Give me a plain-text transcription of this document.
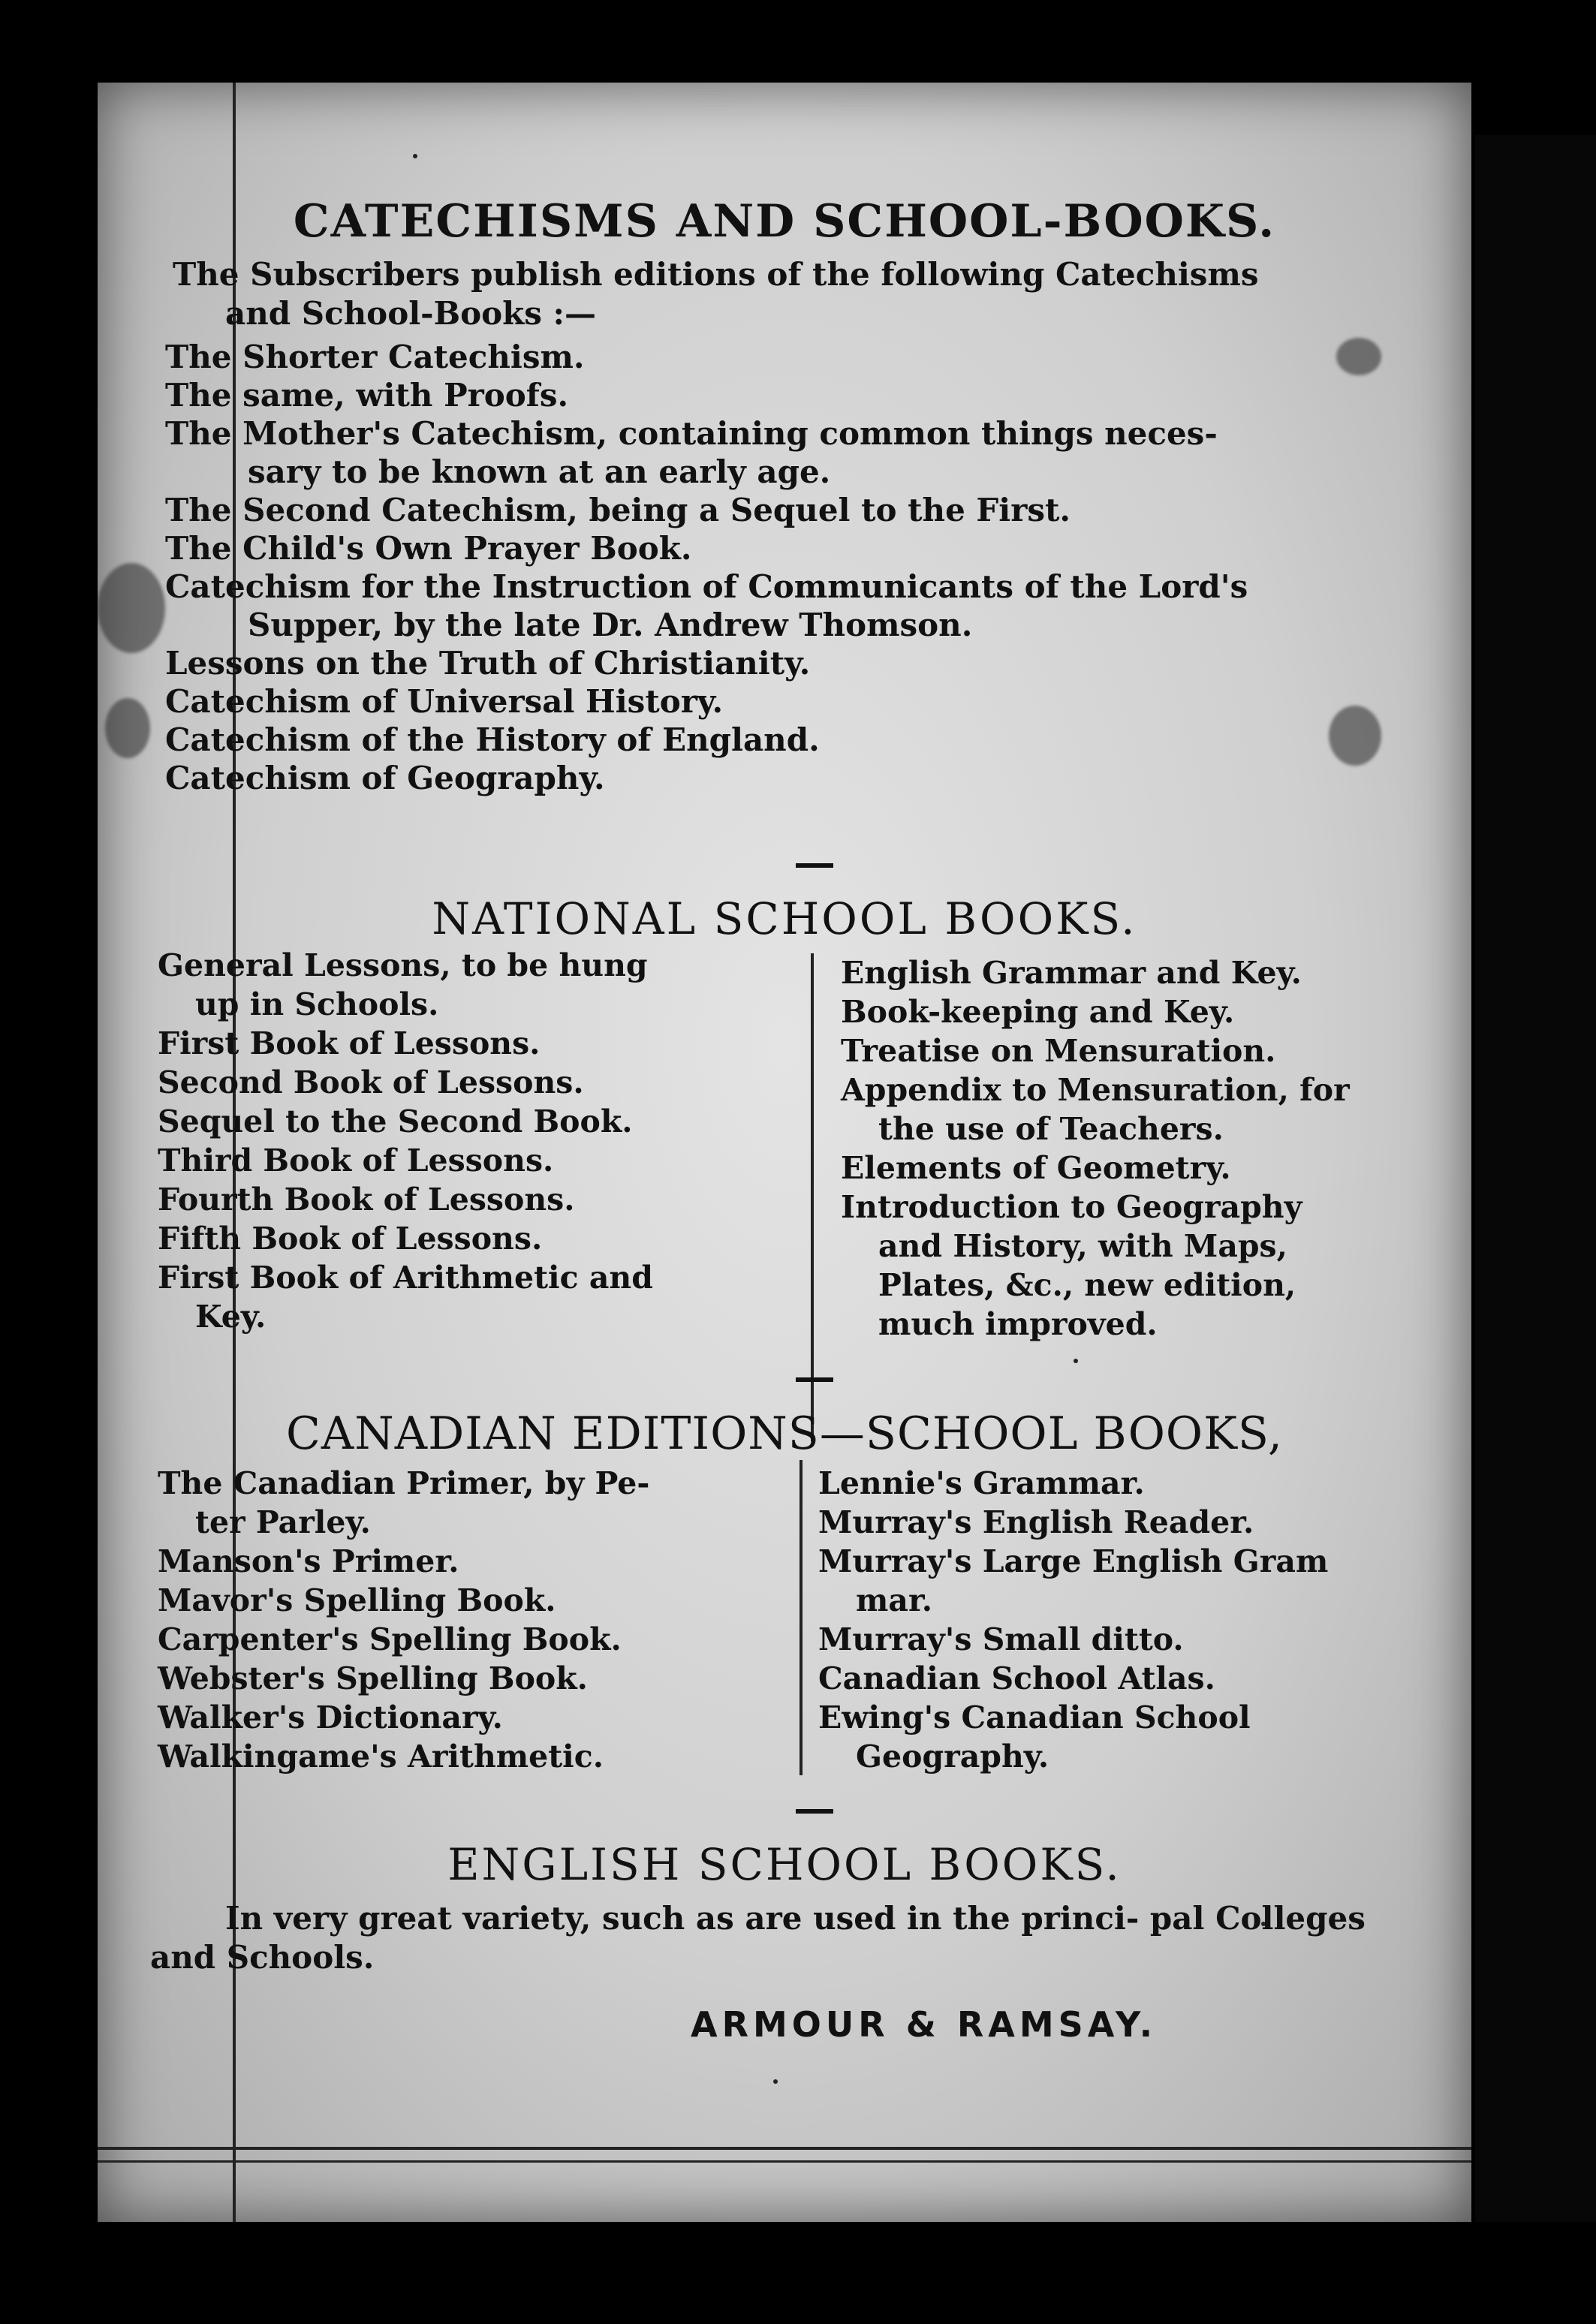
CATECHISMS AND SCHOOL-BOOKS.
The Subscribers publish editions of the following Catechisms
and School-Books :—
The Shorter Catechism.
The same, with Proofs.
The Mother's Catechism, containing common things neces-
sary to be known at an early age.
The Second Catechism, being a Sequel to the First.
The Child's Own Prayer Book.
Catechism for the Instruction of Communicants of the Lord's
Supper, by the late Dr. Andrew Thomson.
Lessons on the Truth of Christianity.
Catechism of Universal History.
Catechism of the History of England.
Catechism of Geography.
NATIONAL SCHOOL BOOKS.
General Lessons, to be hung
up in Schools.
First Book of Lessons.
Second Book of Lessons.
Sequel to the Second Book.
Third Book of Lessons.
Fourth Book of Lessons.
Fifth Book of Lessons.
First Book of Arithmetic and
Key.
English Grammar and Key.
Book-keeping and Key.
Treatise on Mensuration.
Appendix to Mensuration, for
the use of Teachers.
Elements of Geometry.
Introduction to Geography
and History, with Maps,
Plates, &c., new edition,
much improved.
CANADIAN EDITIONS—SCHOOL BOOKS,
The Canadian Primer, by Pe-
ter Parley.
Manson's Primer.
Mavor's Spelling Book.
Carpenter's Spelling Book.
Webster's Spelling Book.
Walker's Dictionary.
Walkingame's Arithmetic.
Lennie's Grammar.
Murray's English Reader.
Murray's Large English Gram
mar.
Murray's Small ditto.
Canadian School Atlas.
Ewing's Canadian School
Geography.
ENGLISH SCHOOL BOOKS.
In very great variety, such as are used in the princi- pal Colleges and Schools.
ARMOUR & RAMSAY.
